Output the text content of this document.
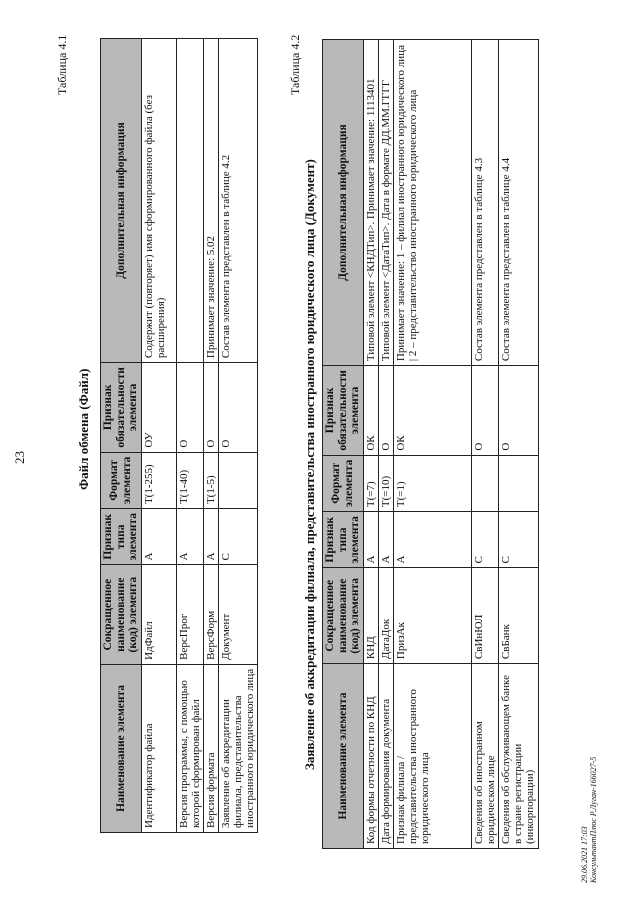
23
Таблица 4.1
Файл обмена (Файл)
Наименование элемента	Сокращенное наименование (код) элемента	Признак типа элемента	Формат элемента	Признак обязательности элемента	Дополнительная информация
Идентификатор файла	ИдФайл	А	T(1-255)	ОУ	Содержит (повторяет) имя сформированного файла (без расширения)
Версия программы, с помощью которой сформирован файл	ВерсПрог	А	T(1-40)	О	
Версия формата	ВерсФорм	А	T(1-5)	О	Принимает значение: 5.02
Заявление об аккредитации филиала, представительства иностранного юридического лица	Документ	С		О	Состав элемента представлен в таблице 4.2
Таблица 4.2
Заявление об аккредитации филиала, представительства иностранного юридического лица (Документ) Наименование элемента	Сокращенное наименование (код) элемента	Признак типа элемента	Формат элемента	Признак обязательности элемента	Дополнительная информация
Код формы отчетности по КНД	КНД	А	T(=7)	ОК	Типовой элемент <КНДТип>. Принимает значение: 1113401
Дата формирования документа	ДатаДок	А	T(=10)	О	Типовой элемент <ДатаТип>. Дата в формате ДД.ММ.ГГГГ
Признак филиала / представительства иностранного юридического лица	ПризАк	А	T(=1)	ОК	Принимает значение: 1 – филиал иностранного юридического лица | 2 – представительство иностранного юридического лица
Сведения об иностранном юридическом лице	СвИнЮЛ	С		О	Состав элемента представлен в таблице 4.3
Сведения об обслуживающем банке в стране регистрации (инкорпорации)	СвБанк	С		О	Состав элемента представлен в таблице 4.4
29.06.2021 17:03 КонсультантПлюс Р.Луган-166027-5
